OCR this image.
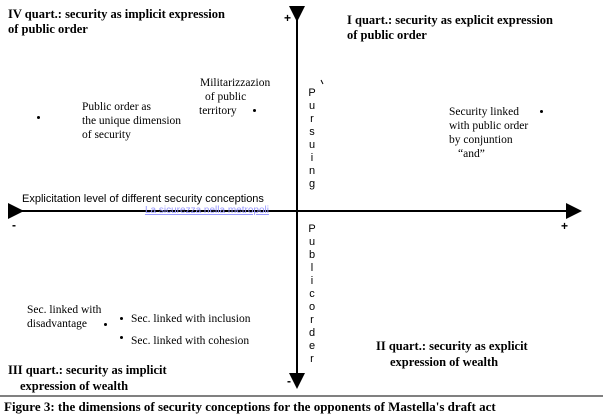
IV quart.: security as implicit expression
of public order
I quart.: security as explicit expression
of public order
II quart.: security as explicit
expression of wealth
III quart.: security as implicit
expression of wealth
+
+
-
-
Explicitation level of different security conceptions
La sicurezza nella metropoli
P
u
r
s
u
i
n
g
P
u
b
l
i
c
o
r
d
e
r
Militarizzazion
of public
territory
Public order as
the unique dimension
of security
Security linked
with public order
by conjuntion
“and”
Sec. linked with
disadvantage	Sec. linked with inclusion
Sec. linked with cohesion
Figure 3: the dimensions of security conceptions for the opponents of Mastella's draft act
